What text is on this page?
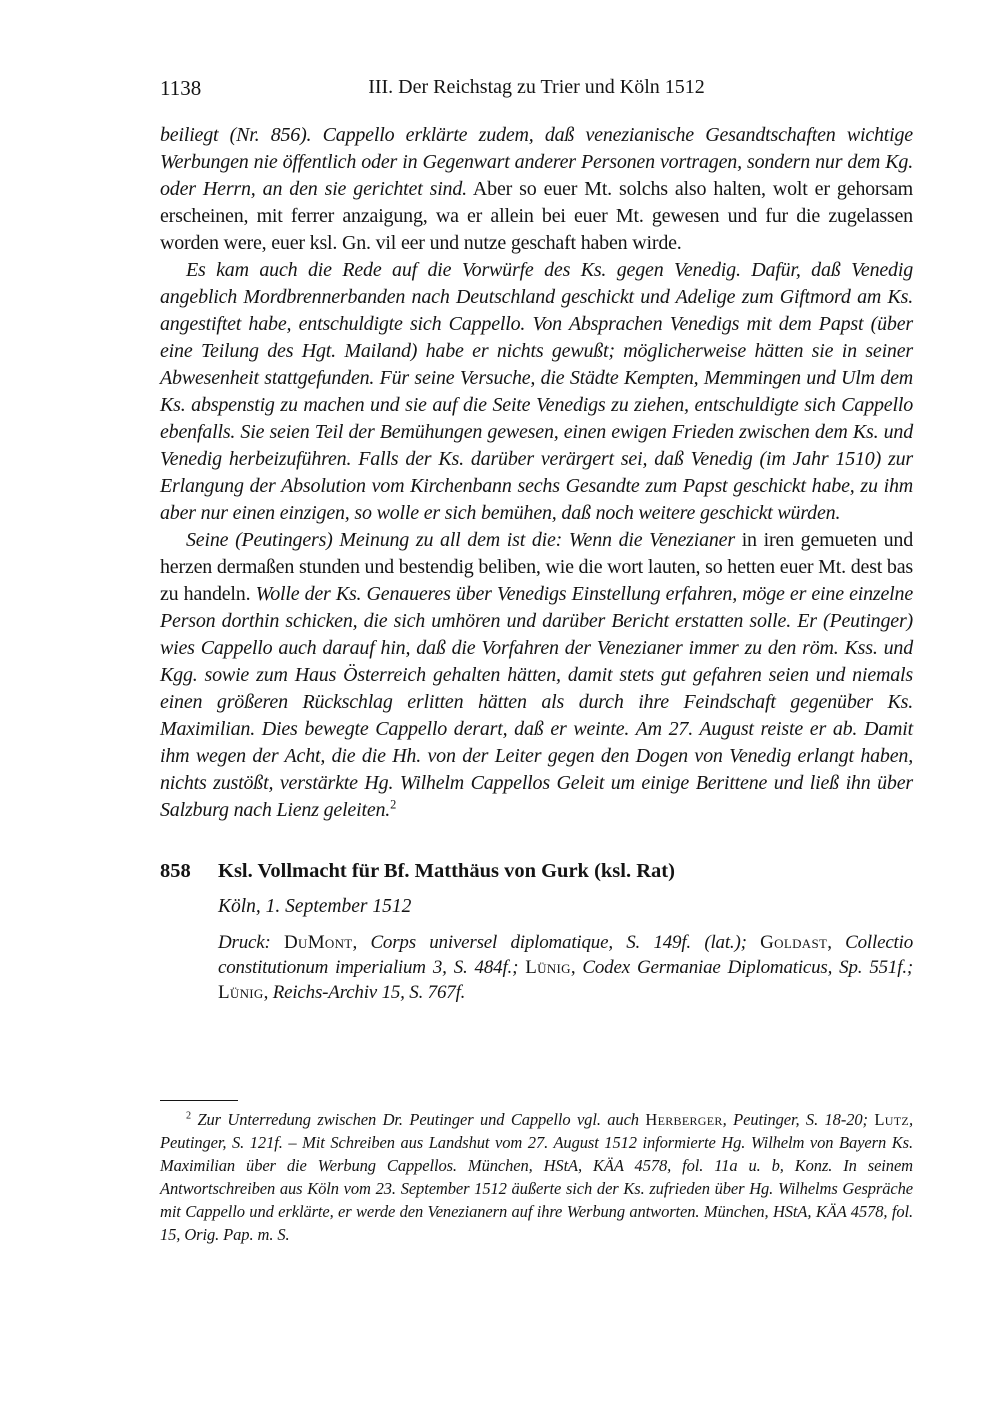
1138	III. Der Reichstag zu Trier und Köln 1512

beiliegt (Nr. 856). Cappello erklärte zudem, daß venezianische Gesandtschaften wichtige Werbungen nie öffentlich oder in Gegenwart anderer Personen vortragen, sondern nur dem Kg. oder Herrn, an den sie gerichtet sind. Aber so euer Mt. solchs also halten, wolt er gehorsam erscheinen, mit ferrer anzaigung, wa er allein bei euer Mt. gewesen und fur die zugelassen worden were, euer ksl. Gn. vil eer und nutze geschaft haben wirde.

Es kam auch die Rede auf die Vorwürfe des Ks. gegen Venedig. Dafür, daß Venedig angeblich Mordbrennerbanden nach Deutschland geschickt und Adelige zum Giftmord am Ks. angestiftet habe, entschuldigte sich Cappello. Von Absprachen Venedigs mit dem Papst (über eine Teilung des Hgt. Mailand) habe er nichts gewußt; möglicherweise hätten sie in seiner Abwesenheit stattgefunden. Für seine Versuche, die Städte Kempten, Memmingen und Ulm dem Ks. abspenstig zu machen und sie auf die Seite Venedigs zu ziehen, entschuldigte sich Cappello ebenfalls. Sie seien Teil der Bemühungen gewesen, einen ewigen Frieden zwischen dem Ks. und Venedig herbeizuführen. Falls der Ks. darüber verärgert sei, daß Venedig (im Jahr 1510) zur Erlangung der Absolution vom Kirchenbann sechs Gesandte zum Papst geschickt habe, zu ihm aber nur einen einzigen, so wolle er sich bemühen, daß noch weitere geschickt würden.

Seine (Peutingers) Meinung zu all dem ist die: Wenn die Venezianer in iren gemueten und herzen dermaßen stunden und bestendig beliben, wie die wort lauten, so hetten euer Mt. dest bas zu handeln. Wolle der Ks. Genaueres über Venedigs Einstellung erfahren, möge er eine einzelne Person dorthin schicken, die sich umhören und darüber Bericht erstatten solle. Er (Peutinger) wies Cappello auch darauf hin, daß die Vorfahren der Venezianer immer zu den röm. Kss. und Kgg. sowie zum Haus Österreich gehalten hätten, damit stets gut gefahren seien und niemals einen größeren Rückschlag erlitten hätten als durch ihre Feindschaft gegenüber Ks. Maximilian. Dies bewegte Cappello derart, daß er weinte. Am 27. August reiste er ab. Damit ihm wegen der Acht, die die Hh. von der Leiter gegen den Dogen von Venedig erlangt haben, nichts zustößt, verstärkte Hg. Wilhelm Cappellos Geleit um einige Berittene und ließ ihn über Salzburg nach Lienz geleiten.$^2$

858 Ksl. Vollmacht für Bf. Matthäus von Gurk (ksl. Rat)

Köln, 1. September 1512

Druck: DuMont, Corps universel diplomatique, S. 149f. (lat.); Goldast, Collectio constitutionum imperialium 3, S. 484f.; Lünig, Codex Germaniae Diplomaticus, Sp. 551f.; Lünig, Reichs-Archiv 15, S. 767f.

$^2$ Zur Unterredung zwischen Dr. Peutinger und Cappello vgl. auch Herberger, Peutinger, S. 18-20; Lutz, Peutinger, S. 121f. – Mit Schreiben aus Landshut vom 27. August 1512 informierte Hg. Wilhelm von Bayern Ks. Maximilian über die Werbung Cappellos. München, HStA, KÄA 4578, fol. 11a u. b, Konz. In seinem Antwortschreiben aus Köln vom 23. September 1512 äußerte sich der Ks. zufrieden über Hg. Wilhelms Gespräche mit Cappello und erklärte, er werde den Venezianern auf ihre Werbung antworten. München, HStA, KÄA 4578, fol. 15, Orig. Pap. m. S.
